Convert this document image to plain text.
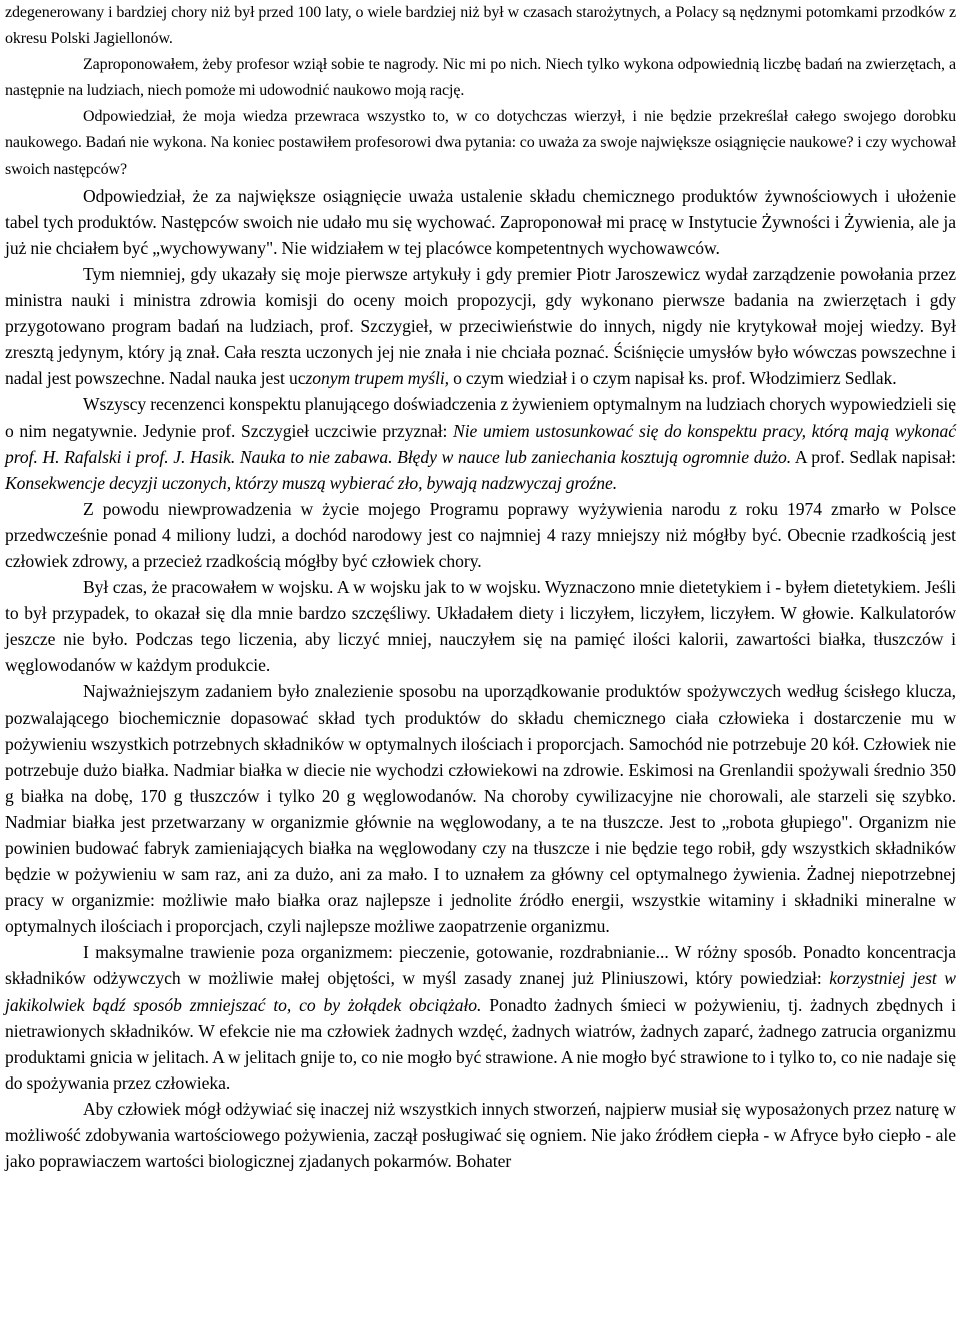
zdegenerowany i bardziej chory niż był przed 100 laty, o wiele bardziej niż był w czasach starożytnych, a Polacy są nędznymi potomkami przodków z okresu Polski Jagiellonów.

Zaproponowałem, żeby profesor wziął sobie te nagrody. Nic mi po nich. Niech tylko wykona odpowiednią liczbę badań na zwierzętach, a następnie na ludziach, niech pomoże mi udowodnić naukowo moją rację.

Odpowiedział, że moja wiedza przewraca wszystko to, w co dotychczas wierzył, i nie będzie przekreślał całego swojego dorobku naukowego. Badań nie wykona. Na koniec postawiłem profesorowi dwa pytania: co uważa za swoje największe osiągnięcie naukowe? i czy wychował swoich następców?

Odpowiedział, że za największe osiągnięcie uważa ustalenie składu chemicznego produktów żywnościowych i ułożenie tabel tych produktów. Następców swoich nie udało mu się wychować. Zaproponował mi pracę w Instytucie Żywności i Żywienia, ale ja już nie chciałem być „wychowywany". Nie widziałem w tej placówce kompetentnych wychowawców.

Tym niemniej, gdy ukazały się moje pierwsze artykuły i gdy premier Piotr Jaroszewicz wydał zarządzenie powołania przez ministra nauki i ministra zdrowia komisji do oceny moich propozycji, gdy wykonano pierwsze badania na zwierzętach i gdy przygotowano program badań na ludziach, prof. Szczygieł, w przeciwieństwie do innych, nigdy nie krytykował mojej wiedzy. Był zresztą jedynym, który ją znał. Cała reszta uczonych jej nie znała i nie chciała poznać. Ściśnięcie umysłów było wówczas powszechne i nadal jest powszechne. Nadal nauka jest uczonym trupem myśli, o czym wiedział i o czym napisał ks. prof. Włodzimierz Sedlak.

Wszyscy recenzenci konspektu planującego doświadczenia z żywieniem optymalnym na ludziach chorych wypowiedzieli się o nim negatywnie. Jedynie prof. Szczygieł uczciwie przyznał: Nie umiem ustosunkować się do konspektu pracy, którą mają wykonać prof. H. Rafalski i prof. J. Hasik. Nauka to nie zabawa. Błędy w nauce lub zaniechania kosztują ogromnie dużo. A prof. Sedlak napisał: Konsekwencje decyzji uczonych, którzy muszą wybierać zło, bywają nadzwyczaj groźne.

Z powodu niewprowadzenia w życie mojego Programu poprawy wyżywienia narodu z roku 1974 zmarło w Polsce przedwcześnie ponad 4 miliony ludzi, a dochód narodowy jest co najmniej 4 razy mniejszy niż mógłby być. Obecnie rzadkością jest człowiek zdrowy, a przecież rzadkością mógłby być człowiek chory.

Był czas, że pracowałem w wojsku. A w wojsku jak to w wojsku. Wyznaczono mnie dietetykiem i - byłem dietetykiem. Jeśli to był przypadek, to okazał się dla mnie bardzo szczęśliwy. Układałem diety i liczyłem, liczyłem, liczyłem. W głowie. Kalkulatorów jeszcze nie było. Podczas tego liczenia, aby liczyć mniej, nauczyłem się na pamięć ilości kalorii, zawartości białka, tłuszczów i węglowodanów w każdym produkcie.

Najważniejszym zadaniem było znalezienie sposobu na uporządkowanie produktów spożywczych według ścisłego klucza, pozwalającego biochemicznie dopasować skład tych produktów do składu chemicznego ciała człowieka i dostarczenie mu w pożywieniu wszystkich potrzebnych składników w optymalnych ilościach i proporcjach. Samochód nie potrzebuje 20 kół. Człowiek nie potrzebuje dużo białka. Nadmiar białka w diecie nie wychodzi człowiekowi na zdrowie. Eskimosi na Grenlandii spożywali średnio 350 g białka na dobę, 170 g tłuszczów i tylko 20 g węglowodanów. Na choroby cywilizacyjne nie chorowali, ale starzeli się szybko. Nadmiar białka jest przetwarzany w organizmie głównie na węglowodany, a te na tłuszcze. Jest to „robota głupiego". Organizm nie powinien budować fabryk zamieniających białka na węglowodany czy na tłuszcze i nie będzie tego robił, gdy wszystkich składników będzie w pożywieniu w sam raz, ani za dużo, ani za mało. I to uznałem za główny cel optymalnego żywienia. Żadnej niepotrzebnej pracy w organizmie: możliwie mało białka oraz najlepsze i jednolite źródło energii, wszystkie witaminy i składniki mineralne w optymalnych ilościach i proporcjach, czyli najlepsze możliwe zaopatrzenie organizmu.

I maksymalne trawienie poza organizmem: pieczenie, gotowanie, rozdrabnianie... W różny sposób. Ponadto koncentracja składników odżywczych w możliwie małej objętości, w myśl zasady znanej już Pliniuszowi, który powiedział: korzystniej jest w jakikolwiek bądź sposób zmniejszać to, co by żołądek obciążało. Ponadto żadnych śmieci w pożywieniu, tj. żadnych zbędnych i nietrawionych składników. W efekcie nie ma człowiek żadnych wzdęć, żadnych wiatrów, żadnych zaparć, żadnego zatrucia organizmu produktami gnicia w jelitach. A w jelitach gnije to, co nie mogło być strawione. A nie mogło być strawione to i tylko to, co nie nadaje się do spożywania przez człowieka.

Aby człowiek mógł odżywiać się inaczej niż wszystkich innych stworzeń, najpierw musiał się wyposażonych przez naturę w możliwość zdobywania wartościowego pożywienia, zaczął posługiwać się ogniem. Nie jako źródłem ciepła - w Afryce było ciepło - ale jako poprawiaczem wartości biologicznej zjadanych pokarmów. Bohater
